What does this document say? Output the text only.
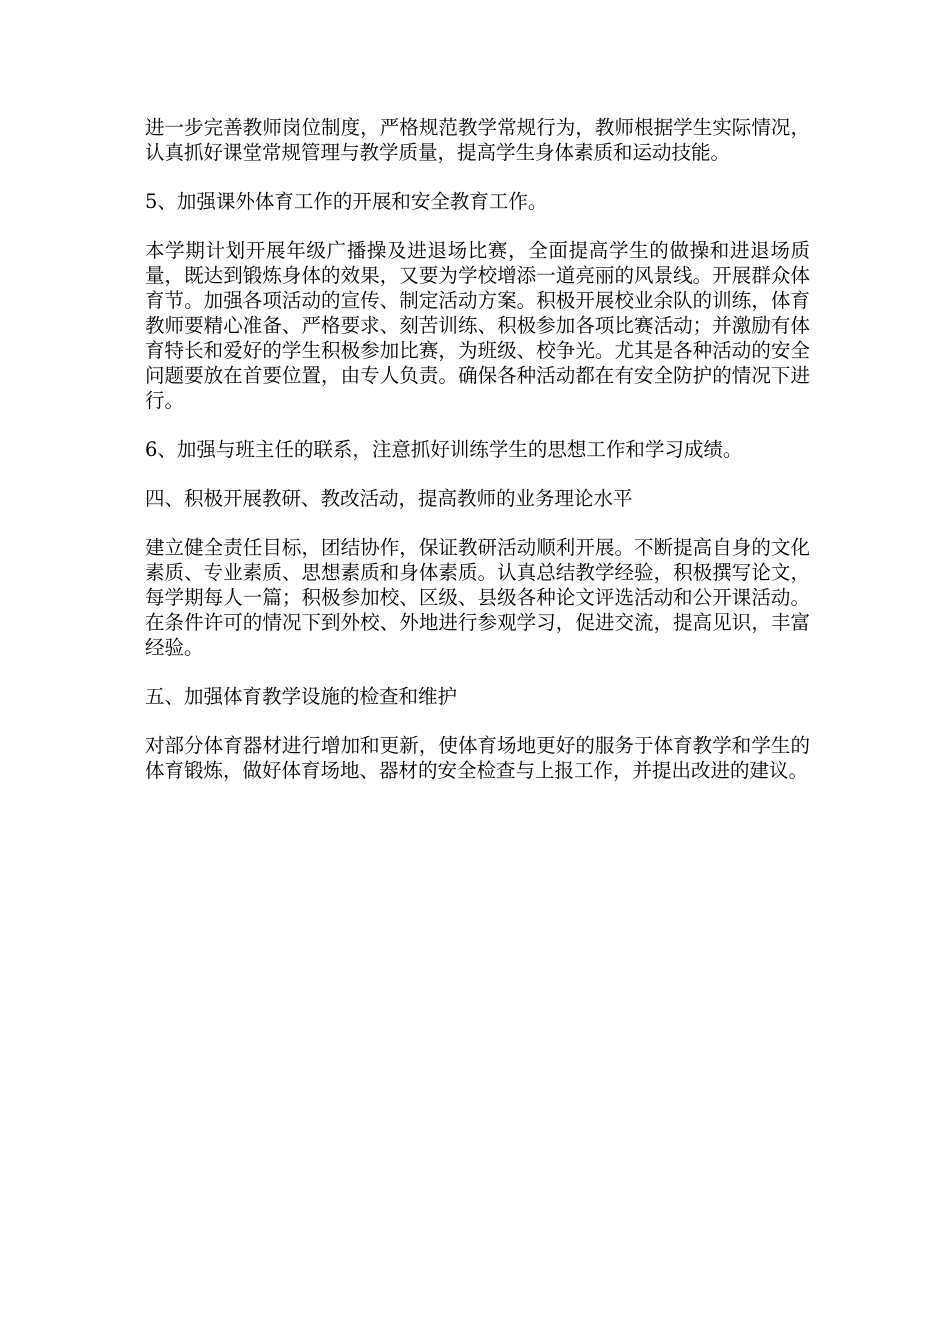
进一步完善教师岗位制度，严格规范教学常规行为，教师根据学生实际情况，认真抓好课堂常规管理与教学质量，提高学生身体素质和运动技能。

5、加强课外体育工作的开展和安全教育工作。

本学期计划开展年级广播操及进退场比赛，全面提高学生的做操和进退场质量，既达到锻炼身体的效果，又要为学校增添一道亮丽的风景线。开展群众体育节。加强各项活动的宣传、制定活动方案。积极开展校业余队的训练，体育教师要精心准备、严格要求、刻苦训练、积极参加各项比赛活动；并激励有体育特长和爱好的学生积极参加比赛，为班级、校争光。尤其是各种活动的安全问题要放在首要位置，由专人负责。确保各种活动都在有安全防护的情况下进行。

6、加强与班主任的联系，注意抓好训练学生的思想工作和学习成绩。

四、积极开展教研、教改活动，提高教师的业务理论水平

建立健全责任目标，团结协作，保证教研活动顺利开展。不断提高自身的文化素质、专业素质、思想素质和身体素质。认真总结教学经验，积极撰写论文，每学期每人一篇；积极参加校、区级、县级各种论文评选活动和公开课活动。在条件许可的情况下到外校、外地进行参观学习，促进交流，提高见识，丰富经验。

五、加强体育教学设施的检查和维护

对部分体育器材进行增加和更新，使体育场地更好的服务于体育教学和学生的体育锻炼，做好体育场地、器材的安全检查与上报工作，并提出改进的建议。
